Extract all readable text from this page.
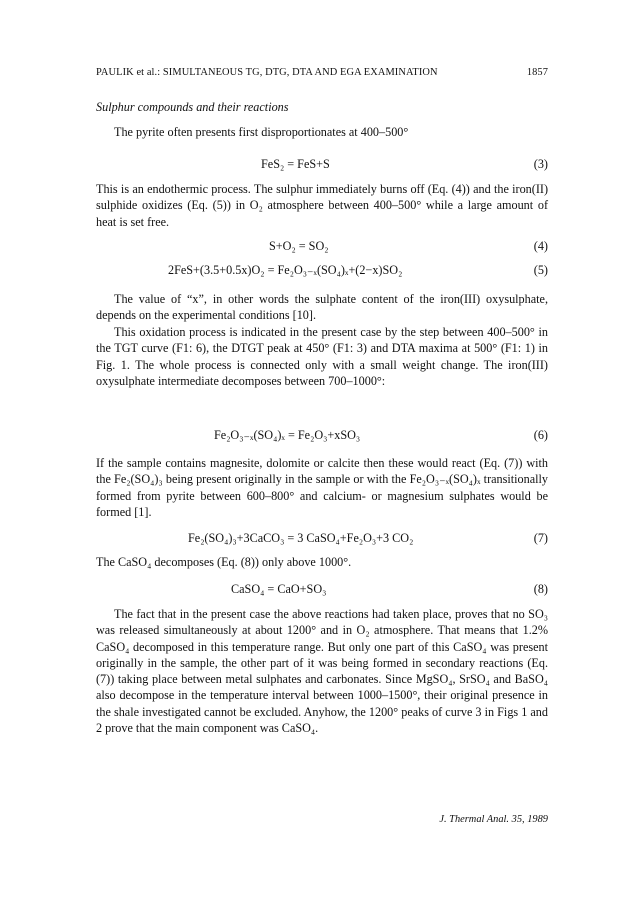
PAULIK et al.: SIMULTANEOUS TG, DTG, DTA AND EGA EXAMINATION	1857
Sulphur compounds and their reactions
The pyrite often presents first disproportionates at 400–500°
FeS₂ = FeS+S	(3)
This is an endothermic process. The sulphur immediately burns off (Eq. (4)) and the iron(II) sulphide oxidizes (Eq. (5)) in O₂ atmosphere between 400–500° while a large amount of heat is set free.
S+O₂ = SO₂	(4)
2FeS+(3.5+0.5x)O₂ = Fe₂O₃₋ₓ(SO₄)ₓ+(2−x)SO₂	(5)
The value of “x”, in other words the sulphate content of the iron(III) oxysulphate, depends on the experimental conditions [10].
This oxidation process is indicated in the present case by the step between 400–500° in the TGT curve (F1: 6), the DTGT peak at 450° (F1: 3) and DTA maxima at 500° (F1: 1) in Fig. 1. The whole process is connected only with a small weight change. The iron(III) oxysulphate intermediate decomposes between 700–1000°:
Fe₂O₃₋ₓ(SO₄)ₓ = Fe₂O₃+xSO₃	(6)
If the sample contains magnesite, dolomite or calcite then these would react (Eq. (7)) with the Fe₂(SO₄)₃ being present originally in the sample or with the Fe₂O₃₋ₓ(SO₄)ₓ transitionally formed from pyrite between 600–800° and calcium- or magnesium sulphates would be formed [1].
Fe₂(SO₄)₃+3CaCO₃ = 3 CaSO₄+Fe₂O₃+3 CO₂	(7)
The CaSO₄ decomposes (Eq. (8)) only above 1000°.
CaSO₄ = CaO+SO₃	(8)
The fact that in the present case the above reactions had taken place, proves that no SO₃ was released simultaneously at about 1200° and in O₂ atmosphere. That means that 1.2% CaSO₄ decomposed in this temperature range. But only one part of this CaSO₄ was present originally in the sample, the other part of it was being formed in secondary reactions (Eq. (7)) taking place between metal sulphates and carbonates. Since MgSO₄, SrSO₄ and BaSO₄ also decompose in the temperature interval between 1000–1500°, their original presence in the shale investigated cannot be excluded. Anyhow, the 1200° peaks of curve 3 in Figs 1 and 2 prove that the main component was CaSO₄.
J. Thermal Anal. 35, 1989
